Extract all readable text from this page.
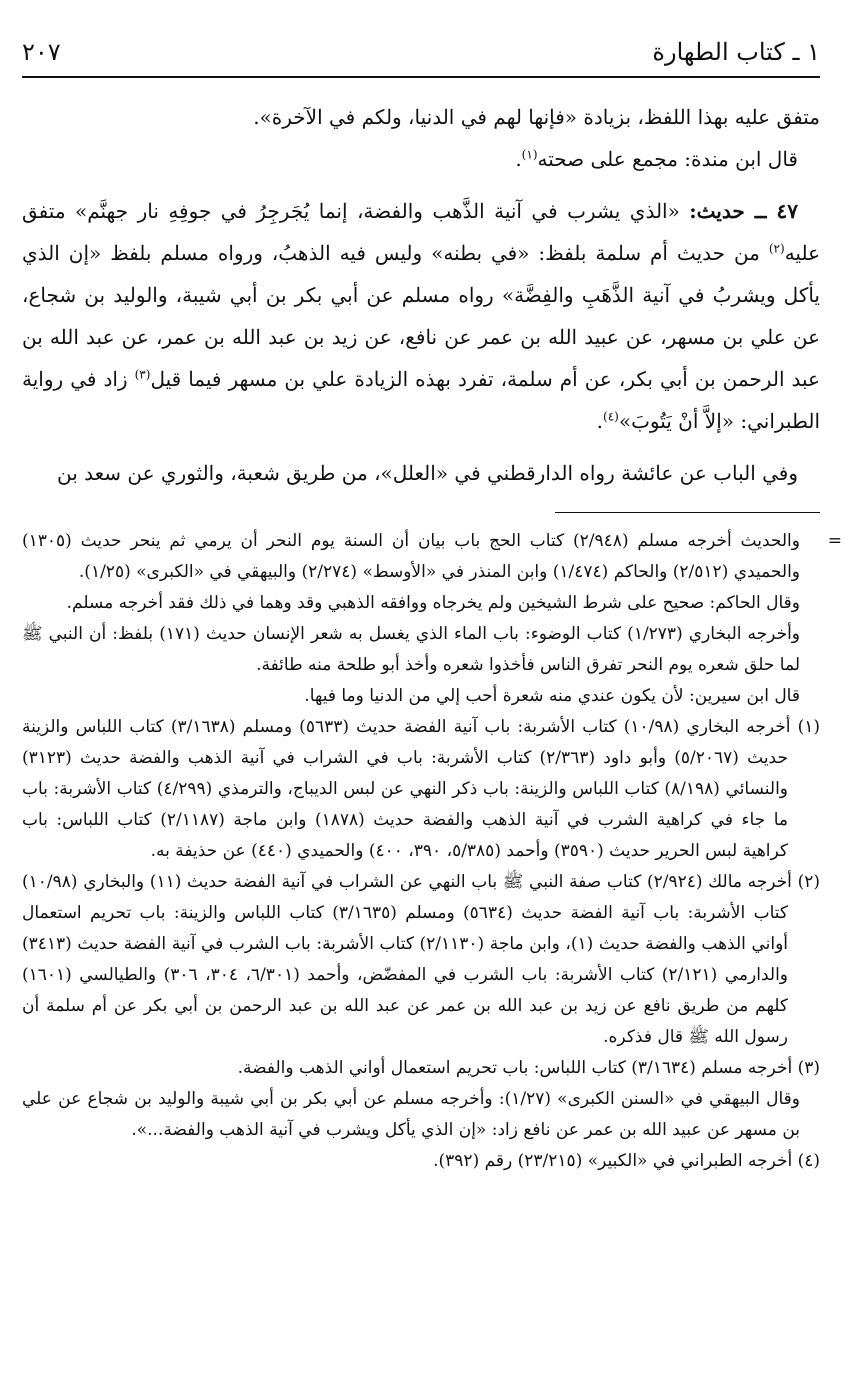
٢٠٧	١ ـ كتاب الطهارة

متفق عليه بهذا اللفظ، بزيادة «فإنها لهم في الدنيا، ولكم في الآخرة».

قال ابن مندة: مجمع على صحته$^{(١)}$.

٤٧ ــ حديث: «الذي يشرب في آنية الذَّهب والفضة، إنما يُجَرجِرُ في جوفِهِ نار جهنَّم» متفق عليه$^{(٢)}$ من حديث أم سلمة بلفظ: «في بطنه» وليس فيه الذهبُ، ورواه مسلم بلفظ «إن الذي يأكل ويشربُ في آنية الذَّهَبِ والفِضَّة» رواه مسلم عن أبي بكر بن أبي شيبة، والوليد بن شجاع، عن علي بن مسهر، عن عبيد الله بن عمر عن نافع، عن زيد بن عبد الله بن عمر، عن عبد الله بن عبد الرحمن بن أبي بكر، عن أم سلمة، تفرد بهذه الزيادة علي بن مسهر فيما قيل$^{(٣)}$ زاد في رواية الطبراني: «إلاَّ أنْ يَتُوبَ»$^{(٤)}$.

وفي الباب عن عائشة رواه الدارقطني في «العلل»، من طريق شعبة، والثوري عن سعد بن

=

والحديث أخرجه مسلم (٢/٩٤٨) كتاب الحج باب بيان أن السنة يوم النحر أن يرمي ثم ينحر حديث (١٣٠٥) والحميدي (٢/٥١٢) والحاكم (١/٤٧٤) وابن المنذر في «الأوسط» (٢/٢٧٤) والبيهقي في «الكبرى» (١/٢٥).

وقال الحاكم: صحيح على شرط الشيخين ولم يخرجاه ووافقه الذهبي وقد وهما في ذلك فقد أخرجه مسلم.

وأخرجه البخاري (١/٢٧٣) كتاب الوضوء: باب الماء الذي يغسل به شعر الإنسان حديث (١٧١) بلفظ: أن النبي ﷺ لما حلق شعره يوم النحر تفرق الناس فأخذوا شعره وأخذ أبو طلحة منه طائفة.

قال ابن سيرين: لأن يكون عندي منه شعرة أحب إلي من الدنيا وما فيها.

(١) أخرجه البخاري (١٠/٩٨) كتاب الأشربة: باب آنية الفضة حديث (٥٦٣٣) ومسلم (٣/١٦٣٨) كتاب اللباس والزينة حديث (٥/٢٠٦٧) وأبو داود (٢/٣٦٣) كتاب الأشربة: باب في الشراب في آنية الذهب والفضة حديث (٣١٢٣) والنسائي (٨/١٩٨) كتاب اللباس والزينة: باب ذكر النهي عن لبس الديباج، والترمذي (٤/٢٩٩) كتاب الأشربة: باب ما جاء في كراهية الشرب في آنية الذهب والفضة حديث (١٨٧٨) وابن ماجة (٢/١١٨٧) كتاب اللباس: باب كراهية لبس الحرير حديث (٣٥٩٠) وأحمد (٥/٣٨٥، ٣٩٠، ٤٠٠) والحميدي (٤٤٠) عن حذيفة به.

(٢) أخرجه مالك (٢/٩٢٤) كتاب صفة النبي ﷺ باب النهي عن الشراب في آنية الفضة حديث (١١) والبخاري (١٠/٩٨) كتاب الأشربة: باب آنية الفضة حديث (٥٦٣٤) ومسلم (٣/١٦٣٥) كتاب اللباس والزينة: باب تحريم استعمال أواني الذهب والفضة حديث (١)، وابن ماجة (٢/١١٣٠) كتاب الأشربة: باب الشرب في آنية الفضة حديث (٣٤١٣) والدارمي (٢/١٢١) كتاب الأشربة: باب الشرب في المفضّض، وأحمد (٦/٣٠١، ٣٠٤، ٣٠٦) والطيالسي (١٦٠١) كلهم من طريق نافع عن زيد بن عبد الله بن عمر عن عبد الله بن عبد الرحمن بن أبي بكر عن أم سلمة أن رسول الله ﷺ قال فذكره.

(٣) أخرجه مسلم (٣/١٦٣٤) كتاب اللباس: باب تحريم استعمال أواني الذهب والفضة.

وقال البيهقي في «السنن الكبرى» (١/٢٧): وأخرجه مسلم عن أبي بكر بن أبي شيبة والوليد بن شجاع عن علي بن مسهر عن عبيد الله بن عمر عن نافع زاد: «إن الذي يأكل ويشرب في آنية الذهب والفضة...».

(٤) أخرجه الطبراني في «الكبير» (٢٣/٢١٥) رقم (٣٩٢).
